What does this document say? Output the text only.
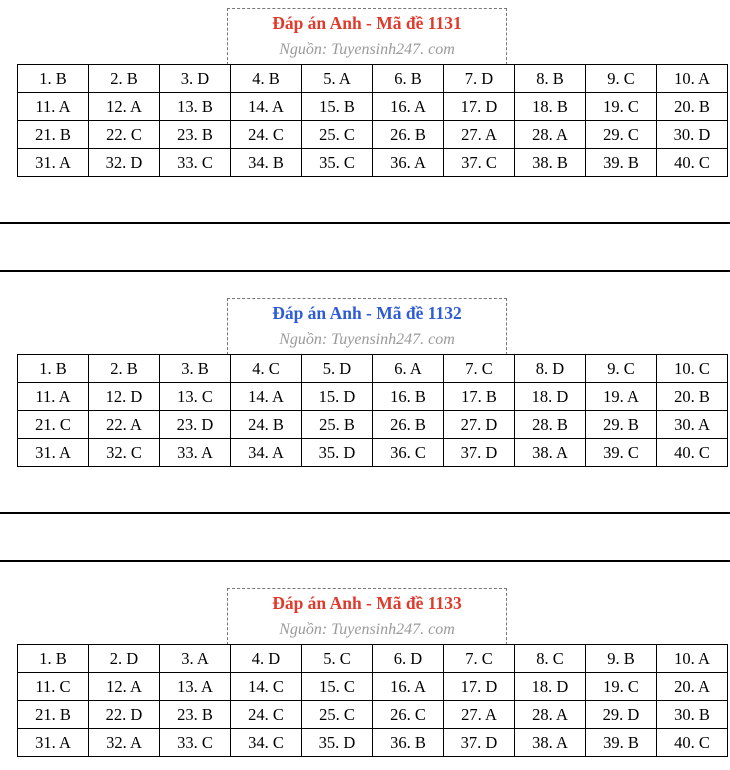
Đáp án Anh - Mã đề 1131
Nguồn: Tuyensinh247. com
1. B	2. B	3. D	4. B	5. A	6. B	7. D	8. B	9. C	10. A
11. A	12. A	13. B	14. A	15. B	16. A	17. D	18. B	19. C	20. B
21. B	22. C	23. B	24. C	25. C	26. B	27. A	28. A	29. C	30. D
31. A	32. D	33. C	34. B	35. C	36. A	37. C	38. B	39. B	40. C
Đáp án Anh - Mã đề 1132
Nguồn: Tuyensinh247. com
1. B	2. B	3. B	4. C	5. D	6. A	7. C	8. D	9. C	10. C
11. A	12. D	13. C	14. A	15. D	16. B	17. B	18. D	19. A	20. B
21. C	22. A	23. D	24. B	25. B	26. B	27. D	28. B	29. B	30. A
31. A	32. C	33. A	34. A	35. D	36. C	37. D	38. A	39. C	40. C
Đáp án Anh - Mã đề 1133
Nguồn: Tuyensinh247. com
1. B	2. D	3. A	4. D	5. C	6. D	7. C	8. C	9. B	10. A
11. C	12. A	13. A	14. C	15. C	16. A	17. D	18. D	19. C	20. A
21. B	22. D	23. B	24. C	25. C	26. C	27. A	28. A	29. D	30. B
31. A	32. A	33. C	34. C	35. D	36. B	37. D	38. A	39. B	40. C
